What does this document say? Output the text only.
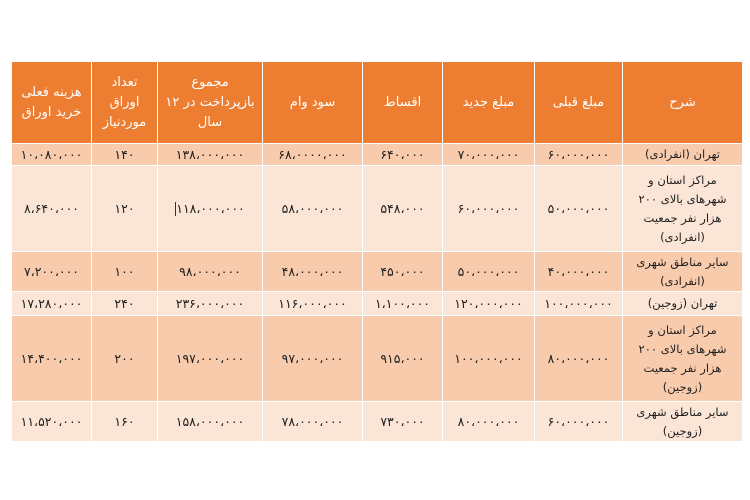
شرح	مبلغ قبلی	مبلغ جدید	اقساط	سود وام	مجموع بازپرداخت در ۱۲ سال	تعداد اوراق موردنیاز	هزینه فعلی خرید اوراق
تهران (انفرادی)	۶۰،۰۰۰،۰۰۰	۷۰،۰۰۰،۰۰۰	۶۴۰،۰۰۰	۶۸،۰۰۰۰،۰۰۰	۱۳۸،۰۰۰،۰۰۰	۱۴۰	۱۰،۰۸۰،۰۰۰
مراکز استان و شهرهای بالای ۲۰۰ هزار نفر جمعیت (انفرادی)	۵۰،۰۰۰،۰۰۰	۶۰،۰۰۰،۰۰۰	۵۴۸،۰۰۰	۵۸،۰۰۰،۰۰۰	۱۱۸،۰۰۰،۰۰۰	۱۲۰	۸،۶۴۰،۰۰۰
سایر مناطق شهری (انفرادی)	۴۰،۰۰۰،۰۰۰	۵۰،۰۰۰،۰۰۰	۴۵۰،۰۰۰	۴۸،۰۰۰،۰۰۰	۹۸،۰۰۰،۰۰۰	۱۰۰	۷،۲۰۰،۰۰۰
تهران (زوجین)	۱۰۰،۰۰۰،۰۰۰	۱۲۰،۰۰۰،۰۰۰	۱،۱۰۰،۰۰۰	۱۱۶،۰۰۰،۰۰۰	۲۳۶،۰۰۰،۰۰۰	۲۴۰	۱۷،۲۸۰،۰۰۰
مراکز استان و شهرهای بالای ۲۰۰ هزار نفر جمعیت (زوجین)	۸۰،۰۰۰،۰۰۰	۱۰۰،۰۰۰،۰۰۰	۹۱۵،۰۰۰	۹۷،۰۰۰،۰۰۰	۱۹۷،۰۰۰،۰۰۰	۲۰۰	۱۴،۴۰۰،۰۰۰
سایر مناطق شهری (زوجین)	۶۰،۰۰۰،۰۰۰	۸۰،۰۰۰،۰۰۰	۷۳۰،۰۰۰	۷۸،۰۰۰،۰۰۰	۱۵۸،۰۰۰،۰۰۰	۱۶۰	۱۱،۵۲۰،۰۰۰
